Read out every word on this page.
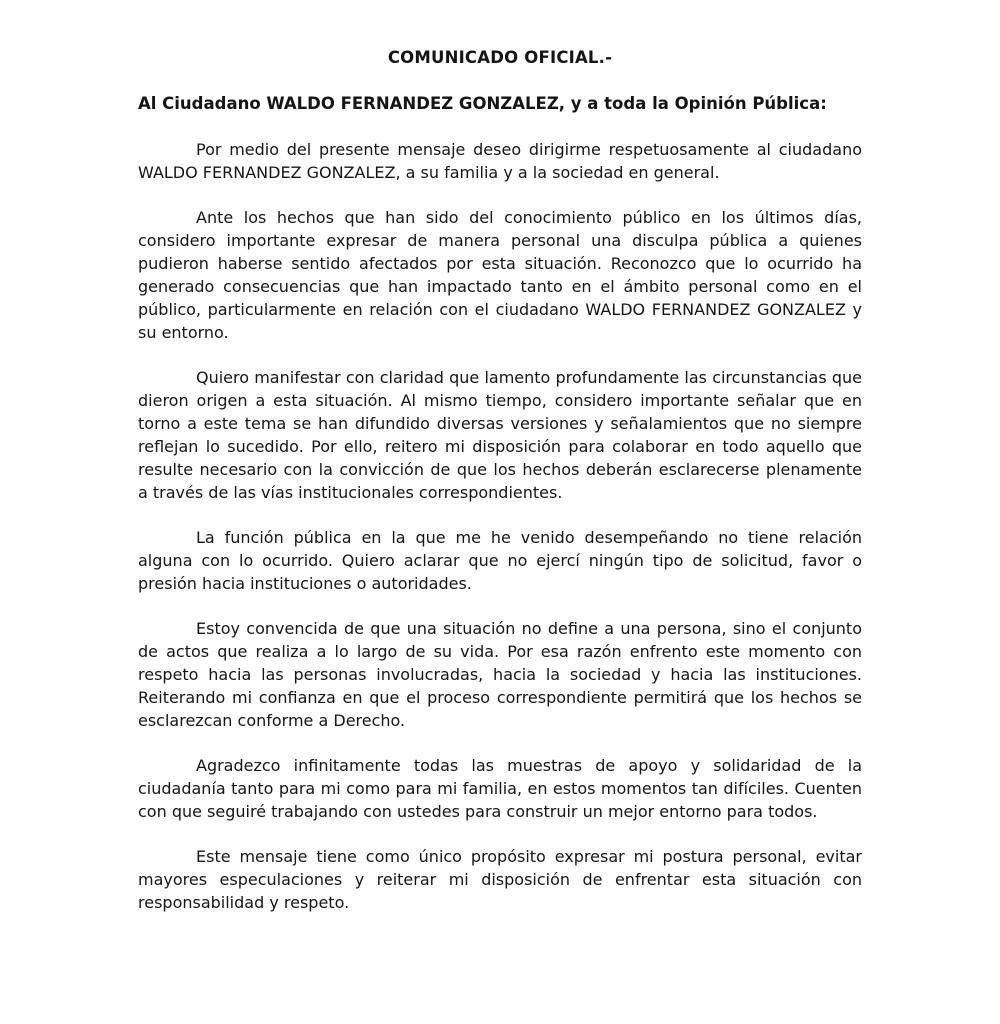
COMUNICADO OFICIAL.-
Al Ciudadano WALDO FERNANDEZ GONZALEZ, y a toda la Opinión Pública:

Por medio del presente mensaje deseo dirigirme respetuosamente al ciudadano WALDO FERNANDEZ GONZALEZ, a su familia y a la sociedad en general.

Ante los hechos que han sido del conocimiento público en los últimos días, considero importante expresar de manera personal una disculpa pública a quienes pudieron haberse sentido afectados por esta situación. Reconozco que lo ocurrido ha generado consecuencias que han impactado tanto en el ámbito personal como en el público, particularmente en relación con el ciudadano WALDO FERNANDEZ GONZALEZ y su entorno.

Quiero manifestar con claridad que lamento profundamente las circunstancias que dieron origen a esta situación. Al mismo tiempo, considero importante señalar que en torno a este tema se han difundido diversas versiones y señalamientos que no siempre reflejan lo sucedido. Por ello, reitero mi disposición para colaborar en todo aquello que resulte necesario con la convicción de que los hechos deberán esclarecerse plenamente a través de las vías institucionales correspondientes.

La función pública en la que me he venido desempeñando no tiene relación alguna con lo ocurrido. Quiero aclarar que no ejercí ningún tipo de solicitud, favor o presión hacia instituciones o autoridades.

Estoy convencida de que una situación no define a una persona, sino el conjunto de actos que realiza a lo largo de su vida. Por esa razón enfrento este momento con respeto hacia las personas involucradas, hacia la sociedad y hacia las instituciones. Reiterando mi confianza en que el proceso correspondiente permitirá que los hechos se esclarezcan conforme a Derecho.

Agradezco infinitamente todas las muestras de apoyo y solidaridad de la ciudadanía tanto para mi como para mi familia, en estos momentos tan difíciles. Cuenten con que seguiré trabajando con ustedes para construir un mejor entorno para todos.

Este mensaje tiene como único propósito expresar mi postura personal, evitar mayores especulaciones y reiterar mi disposición de enfrentar esta situación con responsabilidad y respeto.
